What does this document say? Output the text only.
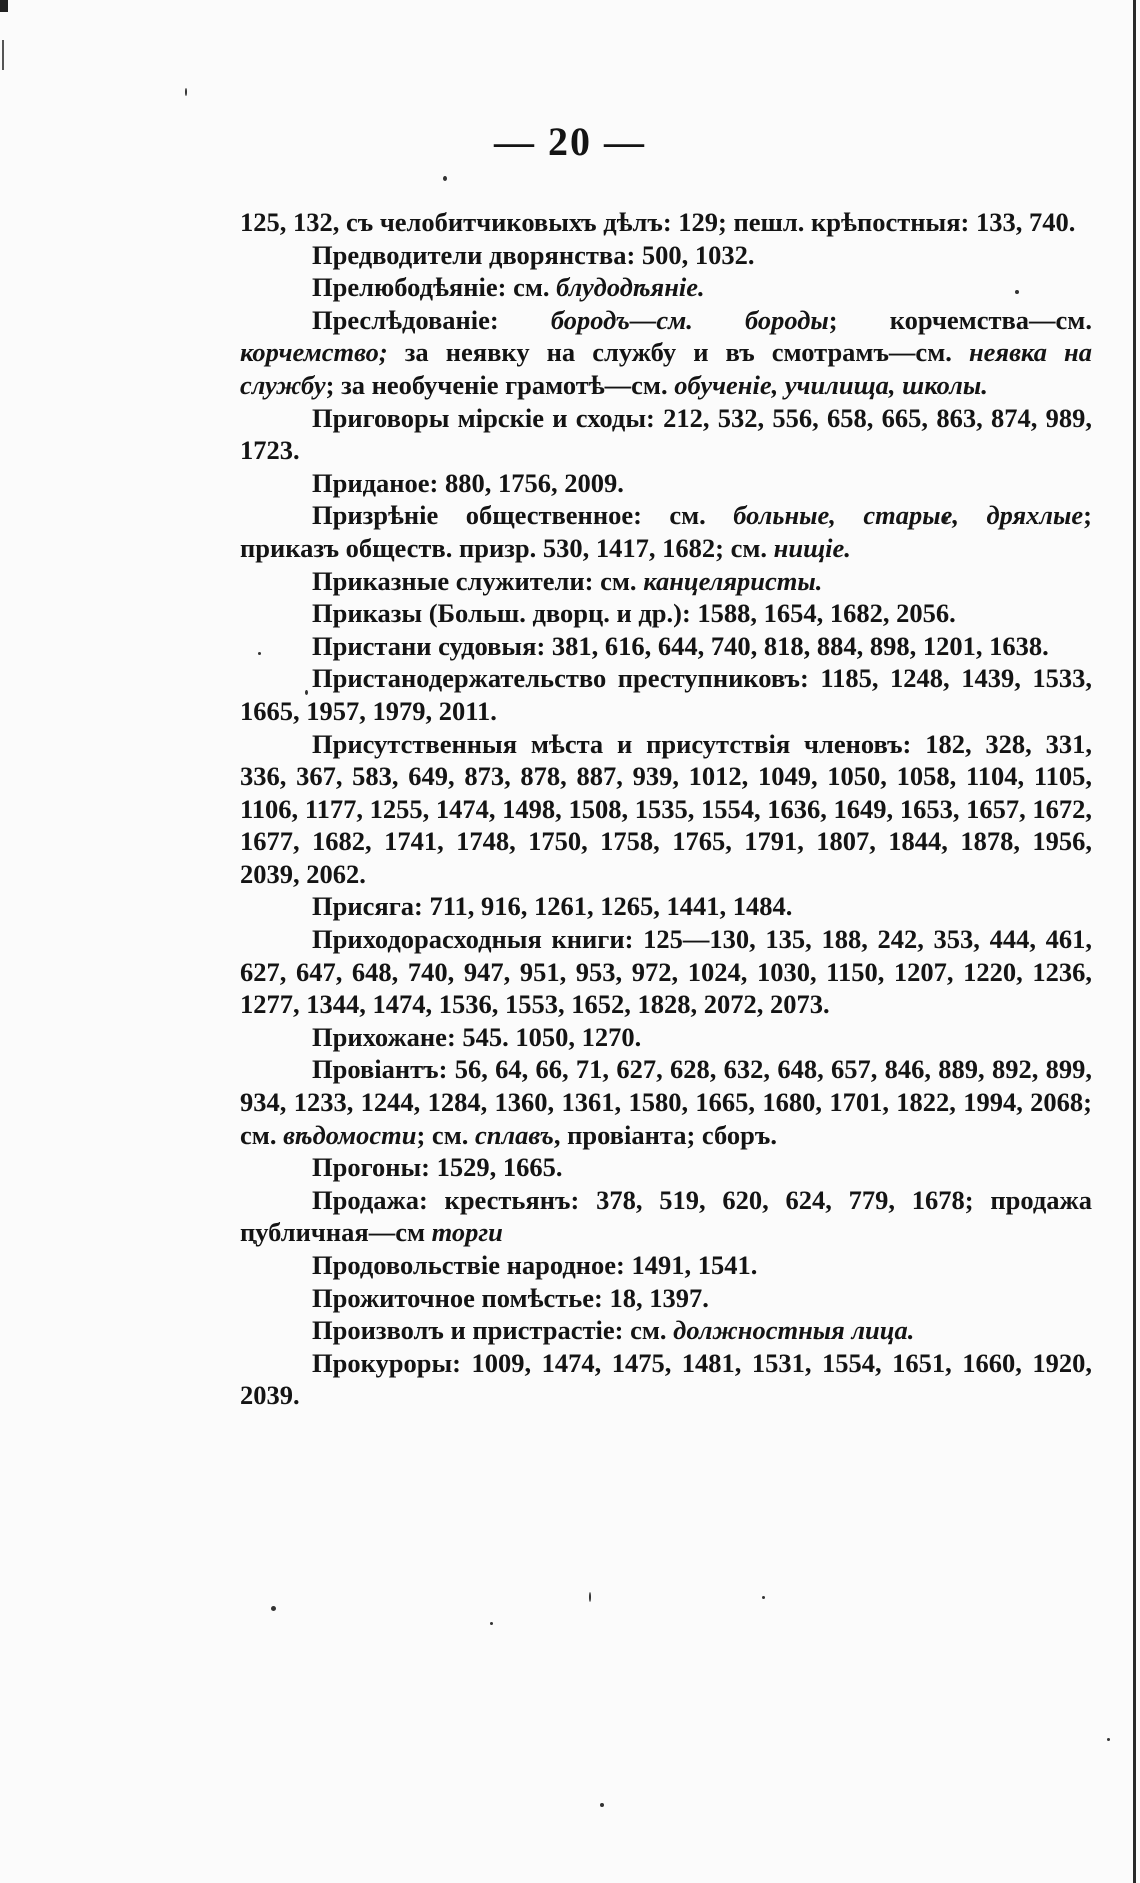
— 20 —

125, 132, съ челобитчиковыхъ дѣлъ: 129; пешл. крѣпостныя: 133, 740.

Предводители дворянства: 500, 1032.

Прелюбодѣяніе: см. блудодѣяніе.

Преслѣдованіе: бородъ—см. бороды; корчемства—см. корчемство; за неявку на службу и въ смотрамъ—см. неявка на службу; за необученіе грамотѣ—см. обученіе, училища, школы.

Приговоры мірскіе и сходы: 212, 532, 556, 658, 665, 863, 874, 989, 1723.

Приданое: 880, 1756, 2009.

Призрѣніе общественное: см. больные, старые, дряхлые; приказъ обществ. призр. 530, 1417, 1682; см. нищіе.

Приказные служители: см. канцеляристы.

Приказы (Больш. дворц. и др.): 1588, 1654, 1682, 2056.

Пристани судовыя: 381, 616, 644, 740, 818, 884, 898, 1201, 1638.

Пристанодержательство преступниковъ: 1185, 1248, 1439, 1533, 1665, 1957, 1979, 2011.

Присутственныя мѣста и присутствія членовъ: 182, 328, 331, 336, 367, 583, 649, 873, 878, 887, 939, 1012, 1049, 1050, 1058, 1104, 1105, 1106, 1177, 1255, 1474, 1498, 1508, 1535, 1554, 1636, 1649, 1653, 1657, 1672, 1677, 1682, 1741, 1748, 1750, 1758, 1765, 1791, 1807, 1844, 1878, 1956, 2039, 2062.

Присяга: 711, 916, 1261, 1265, 1441, 1484.

Приходорасходныя книги: 125—130, 135, 188, 242, 353, 444, 461, 627, 647, 648, 740, 947, 951, 953, 972, 1024, 1030, 1150, 1207, 1220, 1236, 1277, 1344, 1474, 1536, 1553, 1652, 1828, 2072, 2073.

Прихожане: 545. 1050, 1270.

Провіантъ: 56, 64, 66, 71, 627, 628, 632, 648, 657, 846, 889, 892, 899, 934, 1233, 1244, 1284, 1360, 1361, 1580, 1665, 1680, 1701, 1822, 1994, 2068; см. вѣдомости; см. сплавъ, провіанта; сборъ.

Прогоны: 1529, 1665.

Продажа: крестьянъ: 378, 519, 620, 624, 779, 1678; продажа публичная—см торги

Продовольствіе народное: 1491, 1541.

Прожиточное помѣстье: 18, 1397.

Произволъ и пристрастіе: см. должностныя лица.

Прокуроры: 1009, 1474, 1475, 1481, 1531, 1554, 1651, 1660, 1920, 2039.
